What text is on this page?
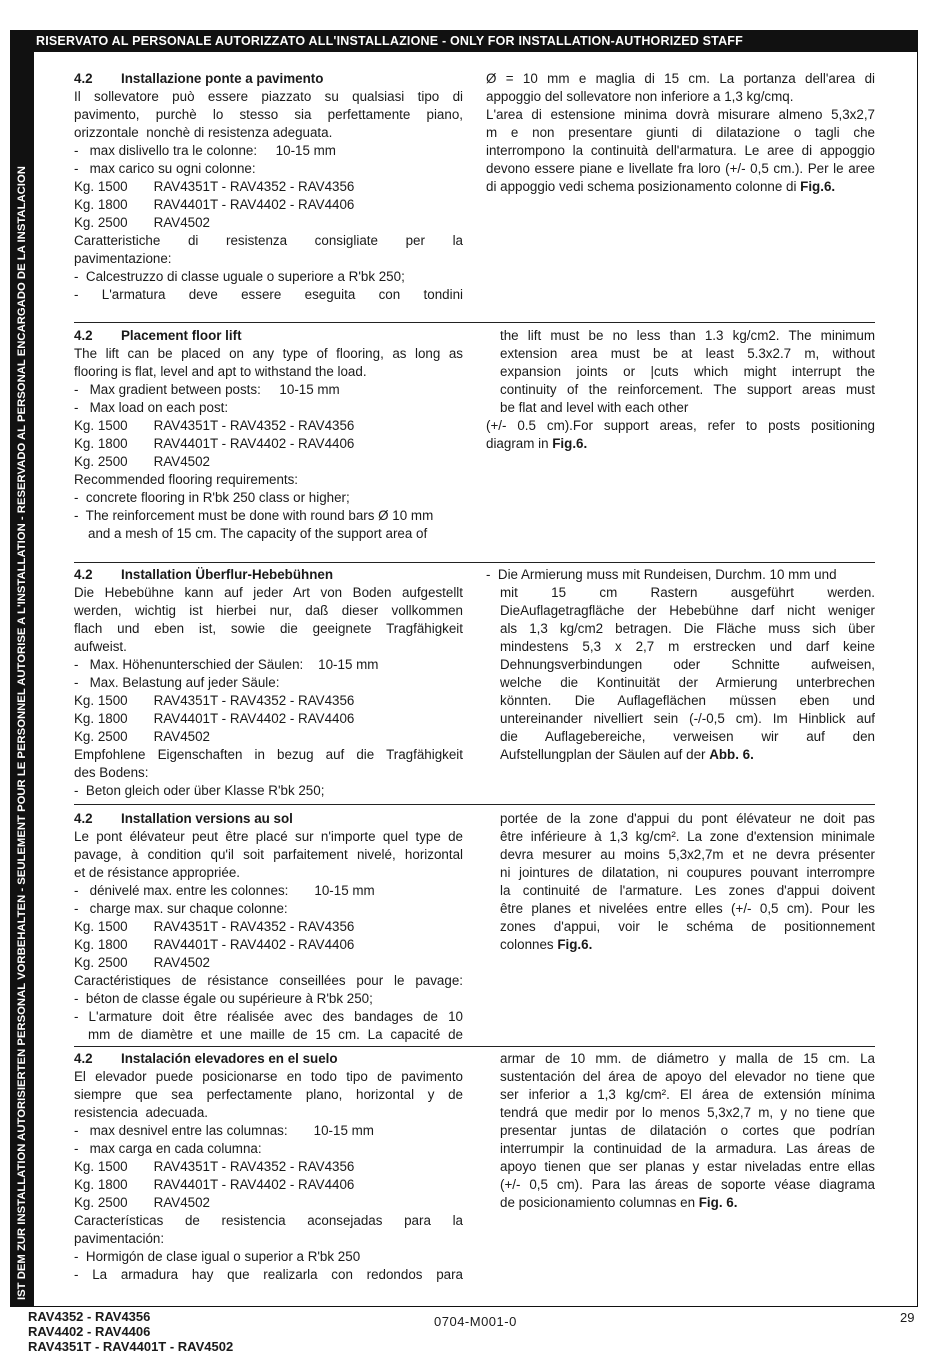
RISERVATO AL PERSONALE AUTORIZZATO ALL'INSTALLAZIONE - ONLY FOR INSTALLATION-AUTHORIZED STAFF
IST DEM ZUR INSTALLATION AUTORISIERTEN PERSONAL VORBEHALTEN - SEULEMENT POUR LE PERSONNEL AUTORISE A L'INSTALLATION - RESERVADO AL PERSONAL ENCARGADO DE LA INSTALACION
4.2 Installazione ponte a pavimento
Il sollevatore può essere piazzato su qualsiasi tipo di
pavimento, purchè lo stesso sia perfettamente piano,
orizzontale  nonchè di resistenza adeguata.
-   max dislivello tra le colonne:     10-15 mm
-   max carico su ogni colonne:
Kg. 1500       RAV4351T - RAV4352 - RAV4356
Kg. 1800       RAV4401T - RAV4402 - RAV4406
Kg. 2500       RAV4502
Caratteristiche di resistenza consigliate per la
pavimentazione:
-  Calcestruzzo di classe uguale o superiore a R'bk 250;
- L'armatura deve essere eseguita con tondini
Ø = 10 mm e maglia di 15 cm. La portanza dell'area di
appoggio del sollevatore non inferiore a 1,3 kg/cmq.
L'area di estensione minima dovrà misurare almeno 5,3x2,7
m e non presentare giunti di dilatazione o tagli che
interrompono la continuità dell'armatura. Le aree di appoggio
devono essere piane e livellate fra loro (+/- 0,5 cm.). Per le aree
di appoggio vedi schema posizionamento colonne di Fig.6.
4.2 Placement floor lift
The lift can be placed on any type of flooring, as long as
flooring is flat, level and apt to withstand the load.
-   Max gradient between posts:     10-15 mm
-   Max load on each post:
Kg. 1500       RAV4351T - RAV4352 - RAV4356
Kg. 1800       RAV4401T - RAV4402 - RAV4406
Kg. 2500       RAV4502
Recommended flooring requirements:
-  concrete flooring in R'bk 250 class or higher;
-  The reinforcement must be done with round bars Ø 10 mm
and a mesh of 15 cm. The capacity of the support area of
the lift must be no less than 1.3 kg/cm2. The minimum
extension area must be at least 5.3x2.7 m, without
expansion joints or |cuts which might interrupt the
continuity of the reinforcement. The support areas must
be flat and level with each other
(+/- 0.5 cm).For support areas, refer to posts positioning
diagram in Fig.6.
4.2 Installation Überflur-Hebebühnen
Die Hebebühne kann auf jeder Art von Boden aufgestellt
werden, wichtig ist hierbei nur, daß dieser vollkommen
flach und eben ist, sowie die geeignete Tragfähigkeit
aufweist.
-   Max. Höhenunterschied der Säulen:    10-15 mm
-   Max. Belastung auf jeder Säule:
Kg. 1500       RAV4351T - RAV4352 - RAV4356
Kg. 1800       RAV4401T - RAV4402 - RAV4406
Kg. 2500       RAV4502
Empfohlene Eigenschaften in bezug auf die Tragfähigkeit
des Bodens:
-  Beton gleich oder über Klasse R'bk 250;
-  Die Armierung muss mit Rundeisen, Durchm. 10 mm und
mit 15 cm Rastern ausgeführt werden.
DieAuflagetragfläche der Hebebühne darf nicht weniger
als 1,3 kg/cm2 betragen. Die Fläche muss sich über
mindestens 5,3 x 2,7 m erstrecken und darf keine
Dehnungsverbindungen oder Schnitte aufweisen,
welche die Kontinuität der Armierung unterbrechen
könnten. Die Auflageflächen müssen eben und
untereinander nivelliert sein (-/-0,5 cm). Im Hinblick auf
die Auflagebereiche, verweisen wir auf den
Aufstellungplan der Säulen auf der Abb. 6.
4.2 Installation versions au sol
Le pont élévateur peut être placé sur n'importe quel type de
pavage, à condition qu'il soit parfaitement nivelé, horizontal
et de résistance appropriée.
-   dénivelé max. entre les colonnes:       10-15 mm
-   charge max. sur chaque colonne:
Kg. 1500       RAV4351T - RAV4352 - RAV4356
Kg. 1800       RAV4401T - RAV4402 - RAV4406
Kg. 2500       RAV4502
Caractéristiques de résistance conseillées pour le pavage:
-  béton de classe égale ou supérieure à R'bk 250;
- L'armature doit être réalisée avec des bandages de 10
mm de diamètre et une maille de 15 cm. La capacité de
portée de la zone d'appui du pont élévateur ne doit pas
être inférieure à 1,3 kg/cm². La zone d'extension minimale
devra mesurer au moins 5,3x2,7m et ne devra présenter
ni jointures de dilatation, ni coupures pouvant interrompre
la continuité de l'armature. Les zones d'appui doivent
être planes et nivelées entre elles (+/- 0,5 cm). Pour les
zones d'appui, voir le schéma de positionnement
colonnes Fig.6.
4.2 Instalación elevadores en el suelo
El elevador puede posicionarse en todo tipo de pavimento
siempre que sea perfectamente plano, horizontal y de
resistencia  adecuada.
-   max desnivel entre las columnas:       10-15 mm
-   max carga en cada columna:
Kg. 1500       RAV4351T - RAV4352 - RAV4356
Kg. 1800       RAV4401T - RAV4402 - RAV4406
Kg. 2500       RAV4502
Características de resistencia aconsejadas para la
pavimentación:
-  Hormigón de clase igual o superior a R'bk 250
- La armadura hay que realizarla con redondos para
armar de 10 mm. de diámetro y malla de 15 cm. La
sustentación del área de apoyo del elevador no tiene que
ser inferior a 1,3 kg/cm². El área de extensión mínima
tendrá que medir por lo menos 5,3x2,7 m, y no tiene que
presentar juntas de dilatación o cortes que podrían
interrumpir la continuidad de la armadura. Las áreas de
apoyo tienen que ser planas y estar niveladas entre ellas
(+/- 0,5 cm). Para las áreas de soporte véase diagrama
de posicionamiento columnas en Fig. 6.
RAV4352 - RAV4356
RAV4402 - RAV4406
RAV4351T - RAV4401T - RAV4502
0704-M001-0	29
